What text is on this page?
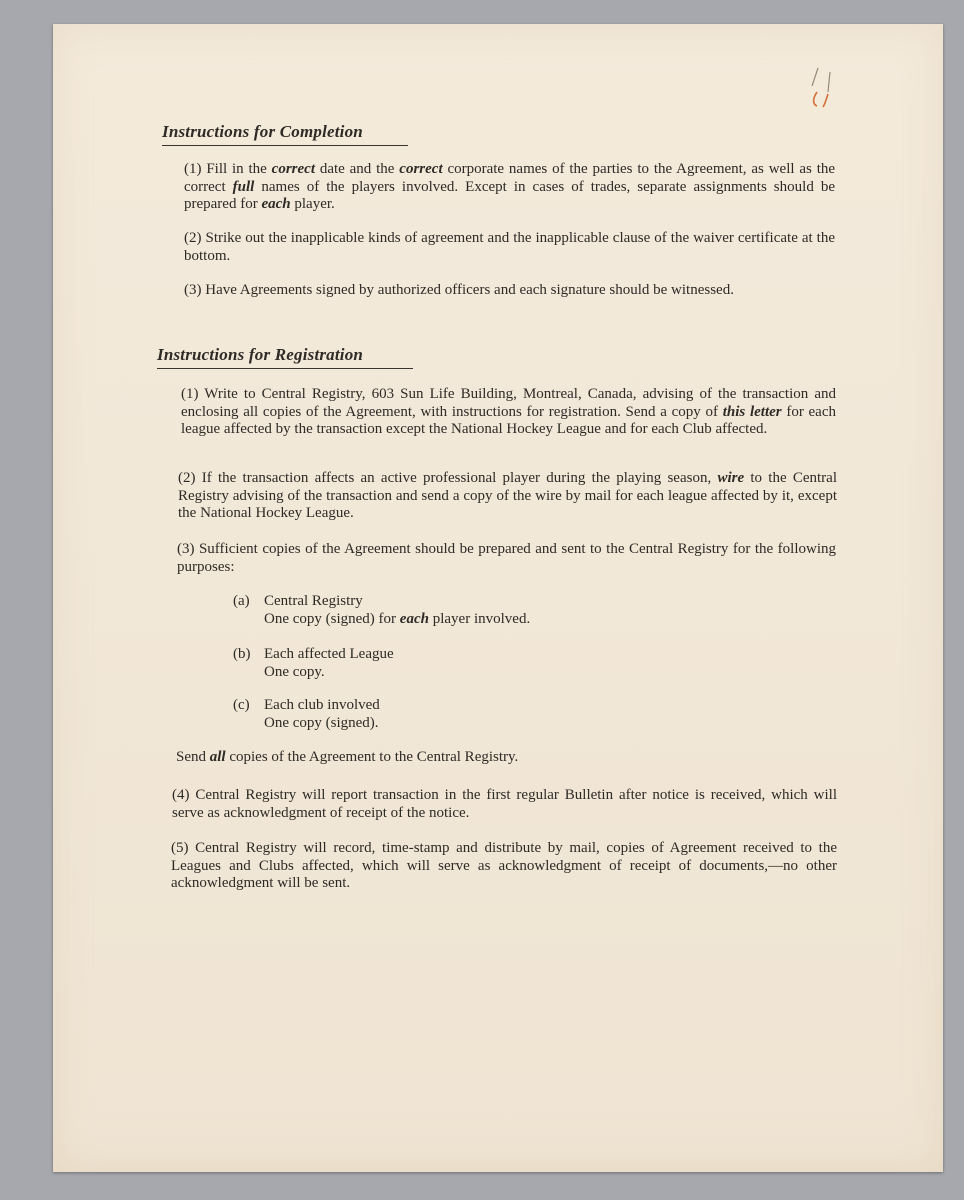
Instructions for Completion
(1) Fill in the correct date and the correct corporate names of the parties to the Agreement, as well as the correct full names of the players involved. Except in cases of trades, separate assignments should be prepared for each player.
(2) Strike out the inapplicable kinds of agreement and the inapplicable clause of the waiver certificate at the bottom.
(3) Have Agreements signed by authorized officers and each signature should be witnessed.
Instructions for Registration
(1) Write to Central Registry, 603 Sun Life Building, Montreal, Canada, advising of the transaction and enclosing all copies of the Agreement, with instructions for registration. Send a copy of this letter for each league affected by the transaction except the National Hockey League and for each Club affected.
(2) If the transaction affects an active professional player during the playing season, wire to the Central Registry advising of the transaction and send a copy of the wire by mail for each league affected by it, except the National Hockey League.
(3) Sufficient copies of the Agreement should be prepared and sent to the Central Registry for the following purposes:
(a) Central Registry
One copy (signed) for each player involved.
(b) Each affected League
One copy.
(c) Each club involved
One copy (signed).
Send all copies of the Agreement to the Central Registry.
(4) Central Registry will report transaction in the first regular Bulletin after notice is received, which will serve as acknowledgment of receipt of the notice.
(5) Central Registry will record, time-stamp and distribute by mail, copies of Agreement received to the Leagues and Clubs affected, which will serve as acknowledgment of receipt of documents,—no other acknowledgment will be sent.
